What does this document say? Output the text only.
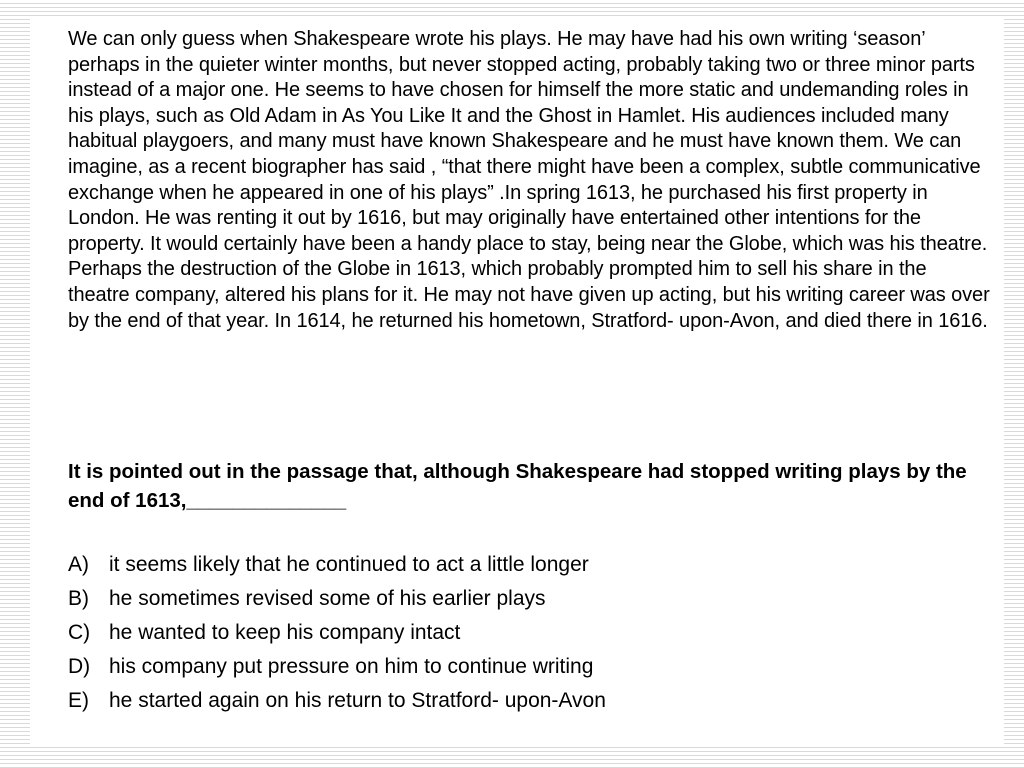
We can only guess when Shakespeare wrote his plays. He may have had his own writing ‘season’ perhaps in the quieter winter months, but never stopped acting, probably taking two or three minor parts instead of a major one. He seems to have chosen for himself the more static and undemanding roles in his plays, such as Old Adam in As You Like It and the Ghost in Hamlet. His audiences included many habitual playgoers, and many must have known Shakespeare and he must have known them. We can imagine, as a recent biographer has said , “that there might have been a complex, subtle communicative exchange when he appeared in one of his plays” .In spring 1613, he purchased his first property in London. He was renting it out by 1616, but may originally have entertained other intentions for the property. It would certainly have been a handy place to stay, being near the Globe, which was his theatre. Perhaps the destruction of the Globe in 1613, which probably prompted him to sell his share in the theatre company, altered his plans for it. He may not have given up acting, but his writing career was over by the end of that year. In 1614, he returned his hometown, Stratford- upon-Avon, and died there in 1616.

It is pointed out in the passage that, although Shakespeare had stopped writing plays by the end of 1613,______________

A) it seems likely that he continued to act a little longer
B) he sometimes revised some of his earlier plays
C) he wanted to keep his company intact
D) his company put pressure on him to continue writing
E) he started again on his return to Stratford- upon-Avon
